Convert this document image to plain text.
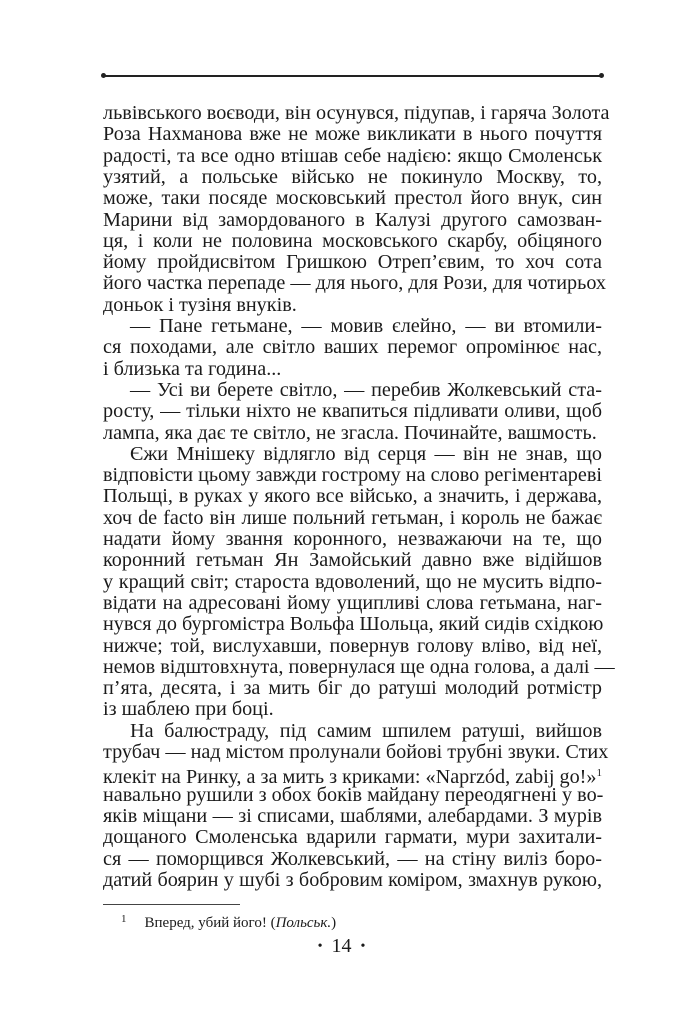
львівського воєводи, він осунувся, підупав, і гаряча Золота
Роза Нахманова вже не може викликати в нього почуття
радості, та все одно втішав себе надією: якщо Смоленськ
узятий, а польське військо не покинуло Москву, то,
може, таки посяде московський престол його внук, син
Марини від замордованого в Калузі другого самозван-
ця, і коли не половина московського скарбу, обіцяного
йому пройдисвітом Гришкою Отреп’євим, то хоч сота
його часткa перепаде — для нього, для Рози, для чотирьох
доньок і тузіня внуків.
— Пане гетьмане, — мовив єлейно, — ви втомили-
ся походами, але світло ваших перемог опромінює нас,
і близька та година...
— Усі ви берете світло, — перебив Жолкевський ста-
росту, — тільки ніхто не квапиться підливати оливи, щоб
лампа, яка дає те світло, не згасла. Починайте, вашмость.
Єжи Мнішеку відлягло від серця — він не знав, що
відповісти цьому завжди гострому на слово регіментареві
Польщі, в руках у якого все військо, а значить, і держава,
хоч de facto він лише польний гетьман, і король не бажає
надати йому звання коронного, незважаючи на те, що
коронний гетьман Ян Замойський давно вже відійшов
у кращий світ; староста вдоволений, що не мусить відпо-
відати на адресовані йому ущипливі слова гетьмана, наг-
нувся до бургомістра Вольфа Шольца, який сидів східкою
нижче; той, вислухавши, повернув голову вліво, від неї,
немов відштовхнута, повернулася ще одна голова, а далі —
п’ята, десята, і за мить біг до ратуші молодий ротмістр
із шаблею при боці.
На балюстраду, під самим шпилем ратуші, вийшов
трубач — над містом пролунали бойові трубні звуки. Стих
клекіт на Ринку, а за мить з криками: «Naprzód, zabij go!»$^1$
навально рушили з обох боків майдану переодягнені у во-
яків міщани — зі списами, шаблями, алебардами. З мурів
дощаного Смоленська вдарили гармати, мури захитали-
ся — поморщився Жолкевський, — на стіну виліз боро-
датий боярин у шубі з бобровим коміром, змахнув рукою,
$^1$ Вперед, убий його! (Польськ.)
• 14 •
